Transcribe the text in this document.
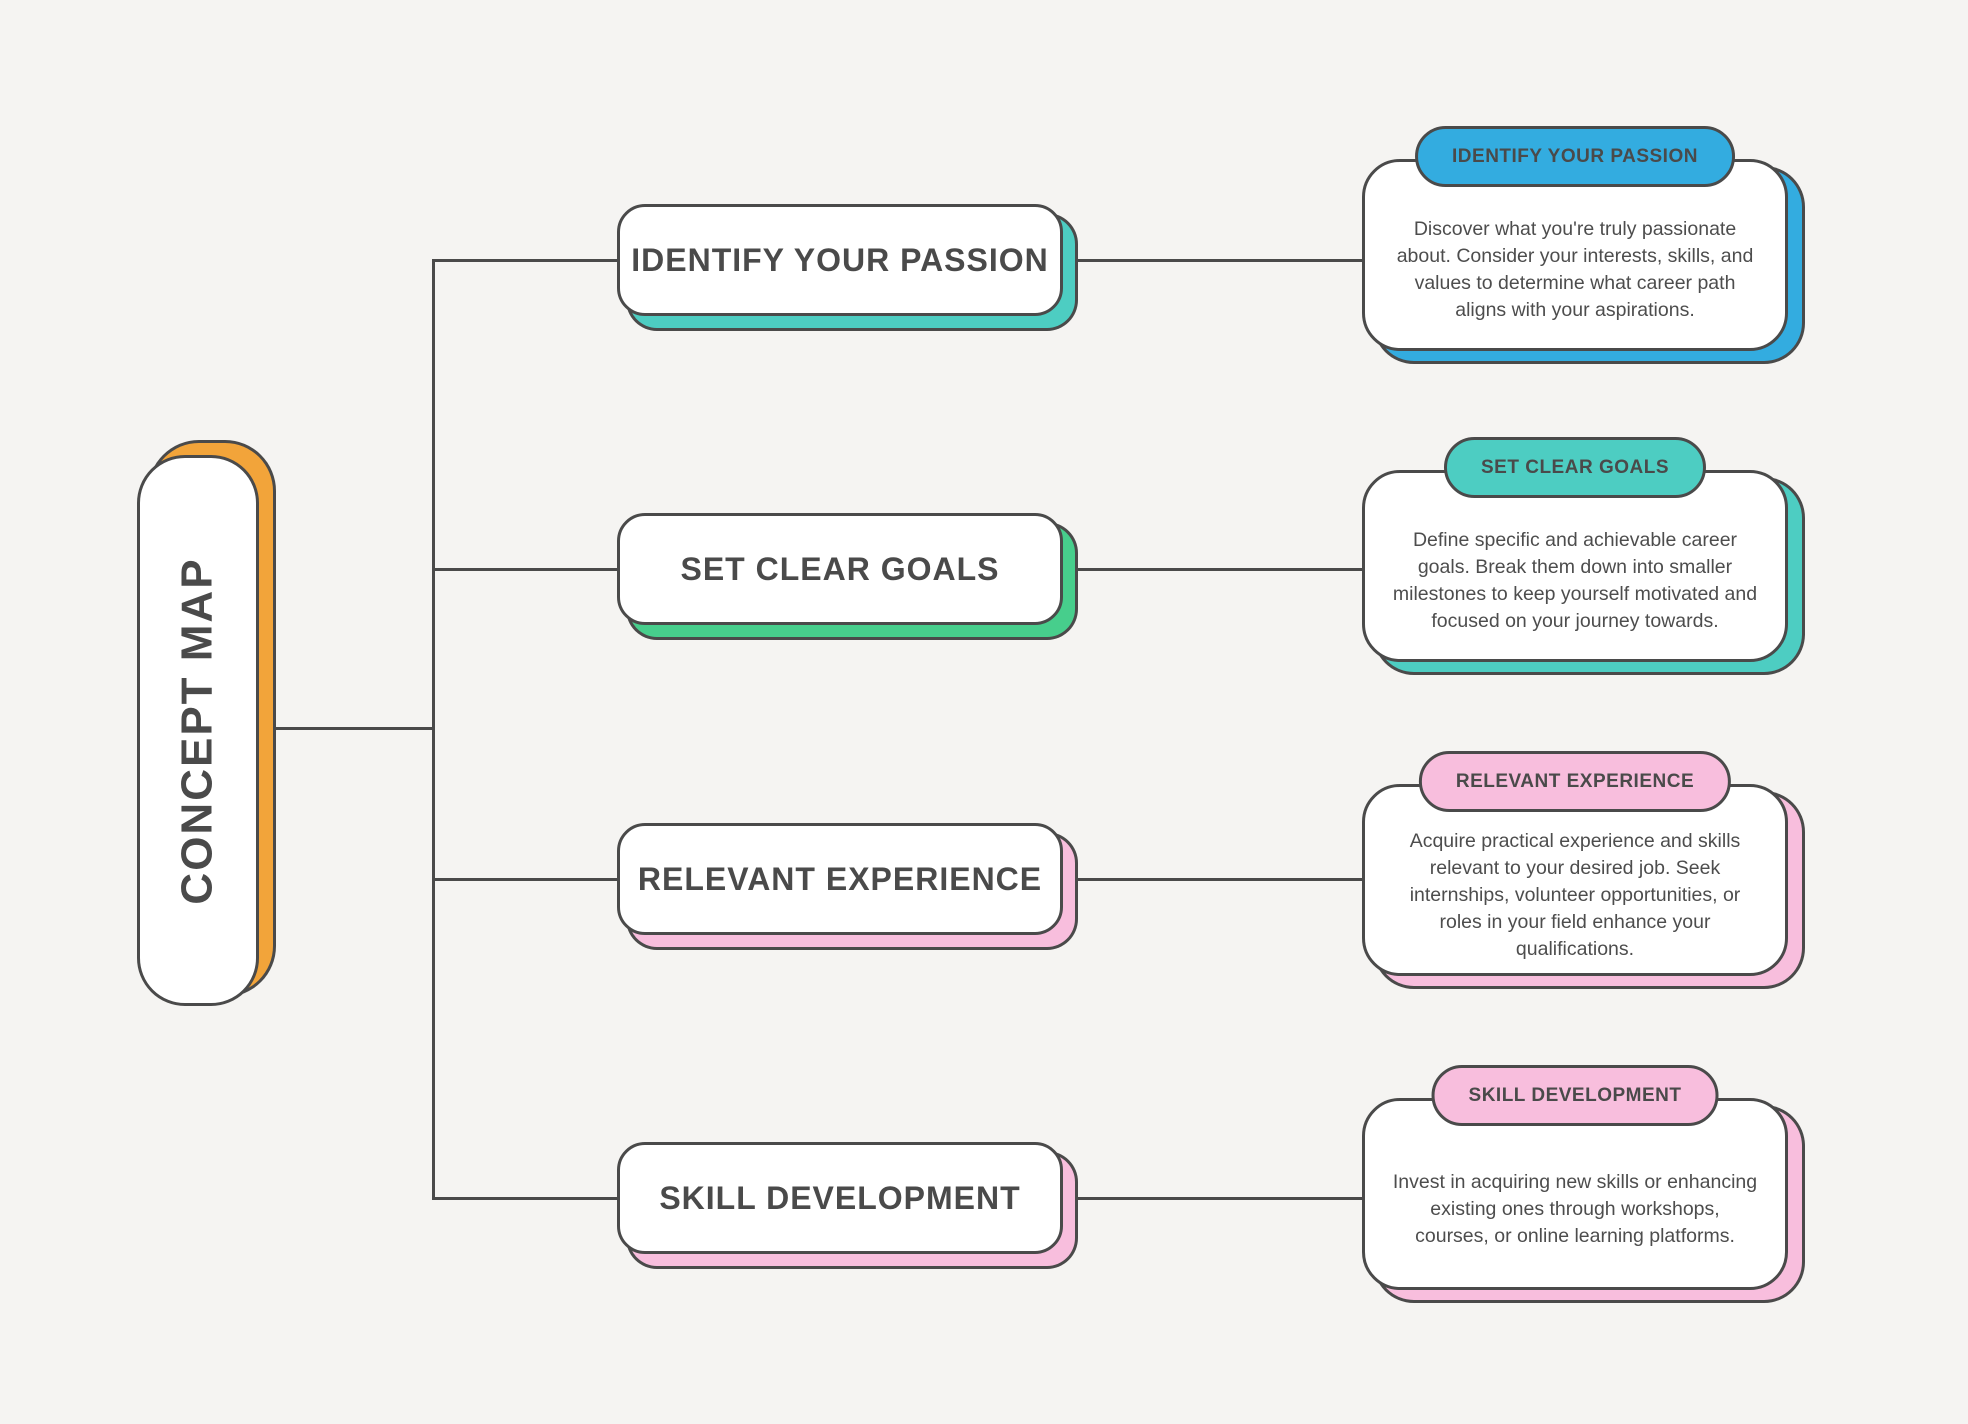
CONCEPT MAP
IDENTIFY YOUR PASSION
SET CLEAR GOALS
RELEVANT EXPERIENCE
SKILL DEVELOPMENT
IDENTIFY YOUR PASSION
Discover what you're truly passionate about. Consider your interests, skills, and values to determine what career path aligns with your aspirations.
SET CLEAR GOALS
Define specific and achievable career goals. Break them down into smaller milestones to keep yourself motivated and focused on your journey towards.
RELEVANT EXPERIENCE
Acquire practical experience and skills relevant to your desired job. Seek internships, volunteer opportunities, or roles in your field enhance your qualifications.
SKILL DEVELOPMENT
Invest in acquiring new skills or enhancing existing ones through workshops, courses, or online learning platforms.
